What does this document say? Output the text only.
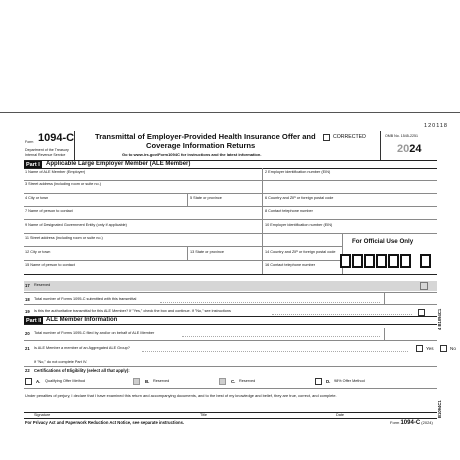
120118
Form 1094-C
Department of the Treasury
Internal Revenue Service
Transmittal of Employer-Provided Health Insurance Offer and
Coverage Information Returns
Go to www.irs.gov/Form1094C for instructions and the latest information.
CORRECTED	OMB No. 1545-2251
2024
Part I	Applicable Large Employer Member (ALE Member)
1 Name of ALE Member (Employer)	2 Employer identification number (EIN)
3 Street address (including room or suite no.)
4 City or town	5 State or province	6 Country and ZIP or foreign postal code
7 Name of person to contact	8 Contact telephone number
9 Name of Designated Government Entity (only if applicable)	10 Employer identification number (EIN)
11 Street address (including room or suite no.)	For Official Use Only
12 City or town	13 State or province	14 Country and ZIP or foreign postal code
15 Name of person to contact	16 Contact telephone number
17 Reserved
18 Total number of Forms 1095-C submitted with this transmittal
19 Is this the authoritative transmittal for this ALE Member? If "Yes," check the box and continue. If "No," see instructions
Part II ALE Member Information
20 Total number of Forms 1095-C filed by and/or on behalf of ALE Member
21 Is ALE Member a member of an Aggregated ALE Group?	Yes	No
If "No," do not complete Part IV.
22 Certifications of Eligibility (select all that apply):
A. Qualifying Offer Method	B. Reserved	C. Reserved	D. 98% Offer Method
Under penalties of perjury, I declare that I have examined this return and accompanying documents, and to the best of my knowledge and belief, they are true, correct, and complete.
Signature	Title	Date
For Privacy Act and Paperwork Reduction Act Notice, see separate instructions.	Form 1094-C (2024)
4 B1094C1
B1094C1
